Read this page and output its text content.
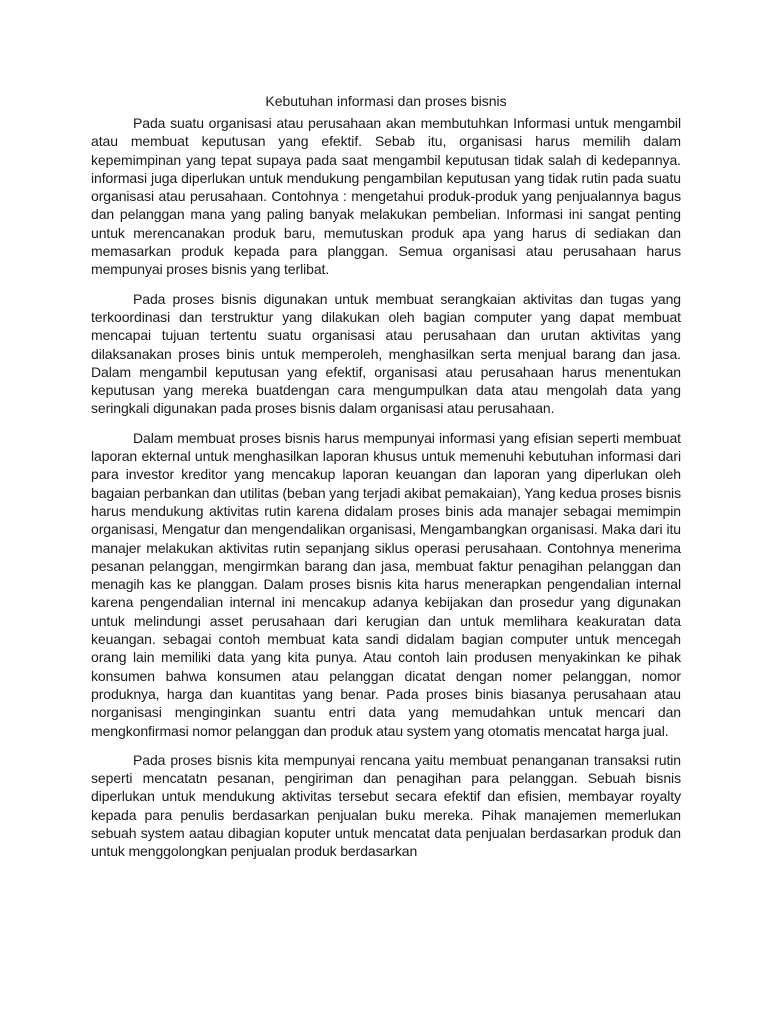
Kebutuhan informasi dan proses bisnis

Pada suatu organisasi atau perusahaan akan membutuhkan Informasi untuk mengambil atau membuat keputusan yang efektif. Sebab itu, organisasi harus memilih dalam kepemimpinan yang tepat supaya pada saat mengambil keputusan tidak salah di kedepannya. informasi juga diperlukan untuk mendukung pengambilan keputusan yang tidak rutin pada suatu organisasi atau perusahaan. Contohnya : mengetahui produk-produk yang penjualannya bagus dan pelanggan mana yang paling banyak melakukan pembelian. Informasi ini sangat penting untuk merencanakan produk baru, memutuskan produk apa yang harus di sediakan dan memasarkan produk kepada para planggan. Semua organisasi atau perusahaan harus mempunyai proses bisnis yang terlibat.

Pada proses bisnis digunakan untuk membuat serangkaian aktivitas dan tugas yang terkoordinasi dan terstruktur yang dilakukan oleh bagian computer yang dapat membuat mencapai tujuan tertentu suatu organisasi atau perusahaan dan urutan aktivitas yang dilaksanakan proses binis untuk memperoleh, menghasilkan serta menjual barang dan jasa. Dalam mengambil keputusan yang efektif, organisasi atau perusahaan harus menentukan keputusan yang mereka buatdengan cara mengumpulkan data atau mengolah data yang seringkali digunakan pada proses bisnis dalam organisasi atau perusahaan.

Dalam membuat proses bisnis harus mempunyai informasi yang efisian seperti membuat laporan ekternal untuk menghasilkan laporan khusus untuk memenuhi kebutuhan informasi dari para investor kreditor yang mencakup laporan keuangan dan laporan yang diperlukan oleh bagaian perbankan dan utilitas (beban yang terjadi akibat pemakaian), Yang kedua proses bisnis harus mendukung aktivitas rutin karena didalam proses binis ada manajer sebagai memimpin organisasi, Mengatur dan mengendalikan organisasi, Mengambangkan organisasi. Maka dari itu manajer melakukan aktivitas rutin sepanjang siklus operasi perusahaan. Contohnya menerima pesanan pelanggan, mengirmkan barang dan jasa, membuat faktur penagihan pelanggan dan menagih kas ke planggan. Dalam proses bisnis kita harus menerapkan pengendalian internal karena pengendalian internal ini mencakup adanya kebijakan dan prosedur yang digunakan untuk melindungi asset perusahaan dari kerugian dan untuk memlihara keakuratan data keuangan. sebagai contoh membuat kata sandi didalam bagian computer untuk mencegah orang lain memiliki data yang kita punya. Atau contoh lain produsen menyakinkan ke pihak konsumen bahwa konsumen atau pelanggan dicatat dengan nomer pelanggan, nomor produknya, harga dan kuantitas yang benar. Pada proses binis biasanya perusahaan atau norganisasi menginginkan suantu entri data yang memudahkan untuk mencari dan mengkonfirmasi nomor pelanggan dan produk atau system yang otomatis mencatat harga jual.

Pada proses bisnis kita mempunyai rencana yaitu membuat penanganan transaksi rutin seperti mencatatn pesanan, pengiriman dan penagihan para pelanggan. Sebuah bisnis diperlukan untuk mendukung aktivitas tersebut secara efektif dan efisien, membayar royalty kepada para penulis berdasarkan penjualan buku mereka. Pihak manajemen memerlukan sebuah system aatau dibagian koputer untuk mencatat data penjualan berdasarkan produk dan untuk menggolongkan penjualan produk berdasarkan
